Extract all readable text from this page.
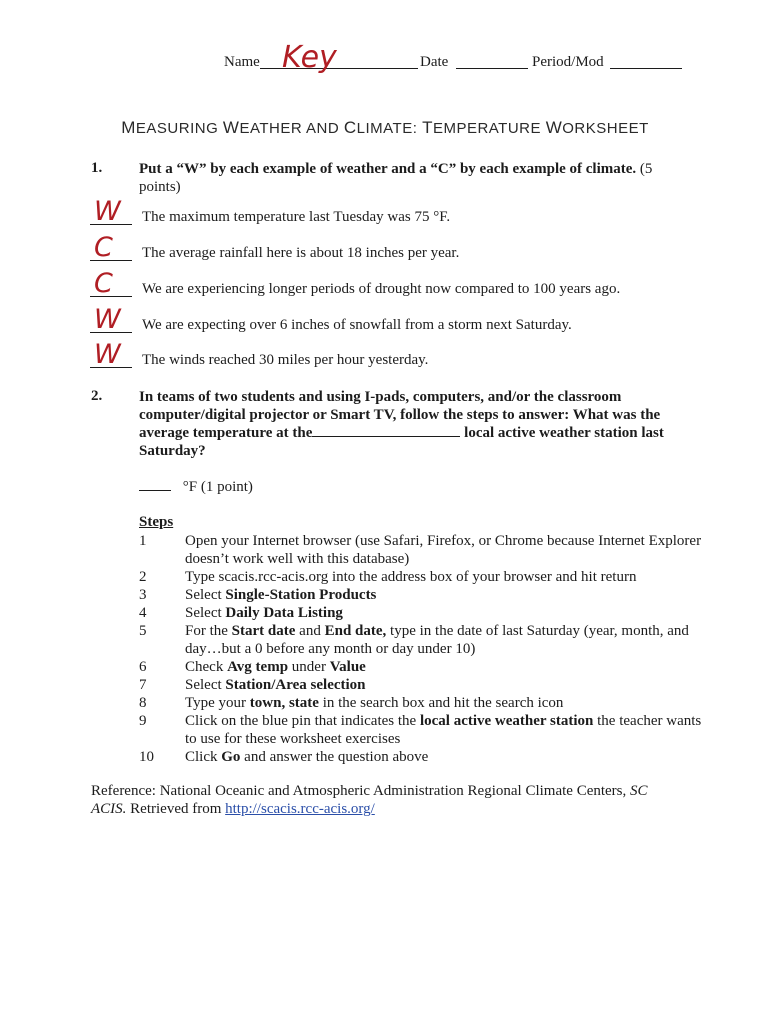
Name Key	Date	Period/Mod
MEASURING WEATHER AND CLIMATE: TEMPERATURE WORKSHEET
1. Put a “W” by each example of weather and a “C” by each example of climate. (5 points)
W The maximum temperature last Tuesday was 75 °F.
C The average rainfall here is about 18 inches per year.
C We are experiencing longer periods of drought now compared to 100 years ago.
W We are expecting over 6 inches of snowfall from a storm next Saturday.
W The winds reached 30 miles per hour yesterday.
2. In teams of two students and using I-pads, computers, and/or the classroom computer/digital projector or Smart TV, follow the steps to answer: What was the average temperature at the	local active weather station last Saturday?
°F (1 point)
Steps
1	Open your Internet browser (use Safari, Firefox, or Chrome because Internet Explorer doesn’t work well with this database)
2	Type scacis.rcc-acis.org into the address box of your browser and hit return
3	Select Single-Station Products
4	Select Daily Data Listing
5	For the Start date and End date, type in the date of last Saturday (year, month, and day…but a 0 before any month or day under 10)
6	Check Avg temp under Value
7	Select Station/Area selection
8	Type your town, state in the search box and hit the search icon
9	Click on the blue pin that indicates the local active weather station the teacher wants to use for these worksheet exercises
10	Click Go and answer the question above
Reference: National Oceanic and Atmospheric Administration Regional Climate Centers, SC ACIS. Retrieved from http://scacis.rcc-acis.org/
